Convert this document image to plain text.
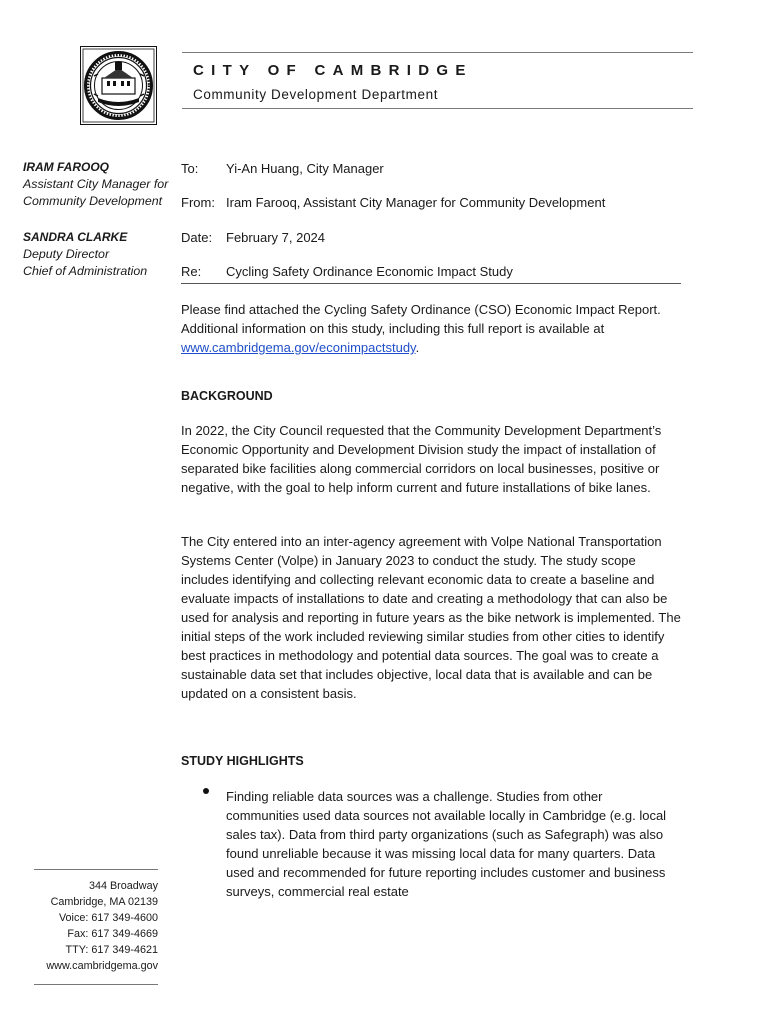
CITY OF CAMBRIDGE
Community Development Department
IRAM FAROOQ
Assistant City Manager for
Community Development
SANDRA CLARKE
Deputy Director
Chief of Administration
To: Yi-An Huang, City Manager
From: Iram Farooq, Assistant City Manager for Community Development
Date: February 7, 2024
Re: Cycling Safety Ordinance Economic Impact Study
Please find attached the Cycling Safety Ordinance (CSO) Economic Impact Report. Additional information on this study, including this full report is available at www.cambridgema.gov/econimpactstudy.
BACKGROUND
In 2022, the City Council requested that the Community Development Department’s Economic Opportunity and Development Division study the impact of installation of separated bike facilities along commercial corridors on local businesses, positive or negative, with the goal to help inform current and future installations of bike lanes.
The City entered into an inter-agency agreement with Volpe National Transportation Systems Center (Volpe) in January 2023 to conduct the study. The study scope includes identifying and collecting relevant economic data to create a baseline and evaluate impacts of installations to date and creating a methodology that can also be used for analysis and reporting in future years as the bike network is implemented. The initial steps of the work included reviewing similar studies from other cities to identify best practices in methodology and potential data sources. The goal was to create a sustainable data set that includes objective, local data that is available and can be updated on a consistent basis.
STUDY HIGHLIGHTS
Finding reliable data sources was a challenge. Studies from other communities used data sources not available locally in Cambridge (e.g. local sales tax). Data from third party organizations (such as Safegraph) was also found unreliable because it was missing local data for many quarters. Data used and recommended for future reporting includes customer and business surveys, commercial real estate
344 Broadway
Cambridge, MA 02139
Voice: 617 349-4600
Fax: 617 349-4669
TTY: 617 349-4621
www.cambridgema.gov
